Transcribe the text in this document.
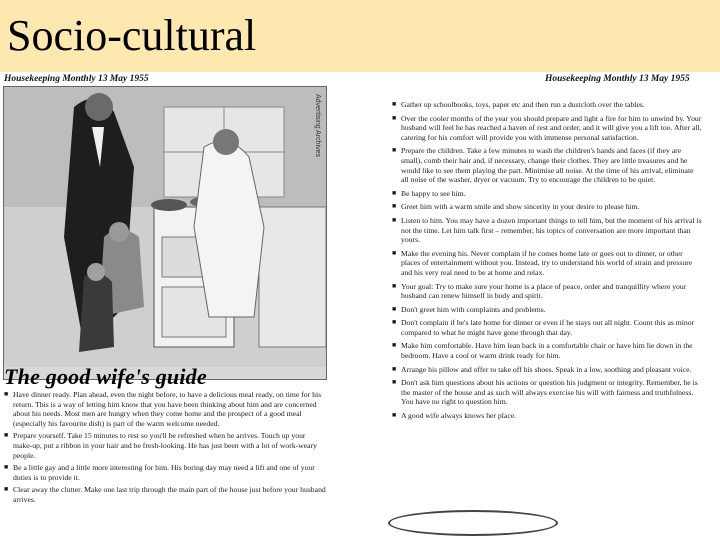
Socio-cultural
Housekeeping Monthly 13 May 1955	Housekeeping Monthly 13 May 1955
Advertising Archives
The good wife's guide
■ Have dinner ready. Plan ahead, even the night before, to have a delicious meal ready, on time for his return. This is a way of letting him know that you have been thinking about him and are concerned about his needs. Most men are hungry when they come home and the prospect of a good meal (especially his favourite dish) is part of the warm welcome needed.
■ Prepare yourself. Take 15 minutes to rest so you'll be refreshed when he arrives. Touch up your make-up, put a ribbon in your hair and be fresh-looking. He has just been with a lot of work-weary people.
■ Be a little gay and a little more interesting for him. His boring day may need a lift and one of your duties is to provide it.
■ Clear away the clutter. Make one last trip through the main part of the house just before your husband arrives.
■ Gather up schoolbooks, toys, paper etc and then run a dustcloth over the tables.
■ Over the cooler months of the year you should prepare and light a fire for him to unwind by. Your husband will feel he has reached a haven of rest and order, and it will give you a lift too. After all, catering for his comfort will provide you with immense personal satisfaction.
■ Prepare the children. Take a few minutes to wash the children's hands and faces (if they are small), comb their hair and, if necessary, change their clothes. They are little treasures and he would like to see them playing the part. Minimise all noise. At the time of his arrival, eliminate all noise of the washer, dryer or vacuum. Try to encourage the children to be quiet.
■ Be happy to see him.
■ Greet him with a warm smile and show sincerity in your desire to please him.
■ Listen to him. You may have a dozen important things to tell him, but the moment of his arrival is not the time. Let him talk first – remember, his topics of conversation are more important than yours.
■ Make the evening his. Never complain if he comes home late or goes out to dinner, or other places of entertainment without you. Instead, try to understand his world of strain and pressure and his very real need to be at home and relax.
■ Your goal: Try to make sure your home is a place of peace, order and tranquillity where your husband can renew himself in body and spirit.
■ Don't greet him with complaints and problems.
■ Don't complain if he's late home for dinner or even if he stays out all night. Count this as minor compared to what he might have gone through that day.
■ Make him comfortable. Have him lean back in a comfortable chair or have him lie down in the bedroom. Have a cool or warm drink ready for him.
■ Arrange his pillow and offer to take off his shoes. Speak in a low, soothing and pleasant voice.
■ Don't ask him questions about his actions or question his judgment or integrity. Remember, he is the master of the house and as such will always exercise his will with fairness and truthfulness. You have no right to question him.
■ A good wife always knows her place.
